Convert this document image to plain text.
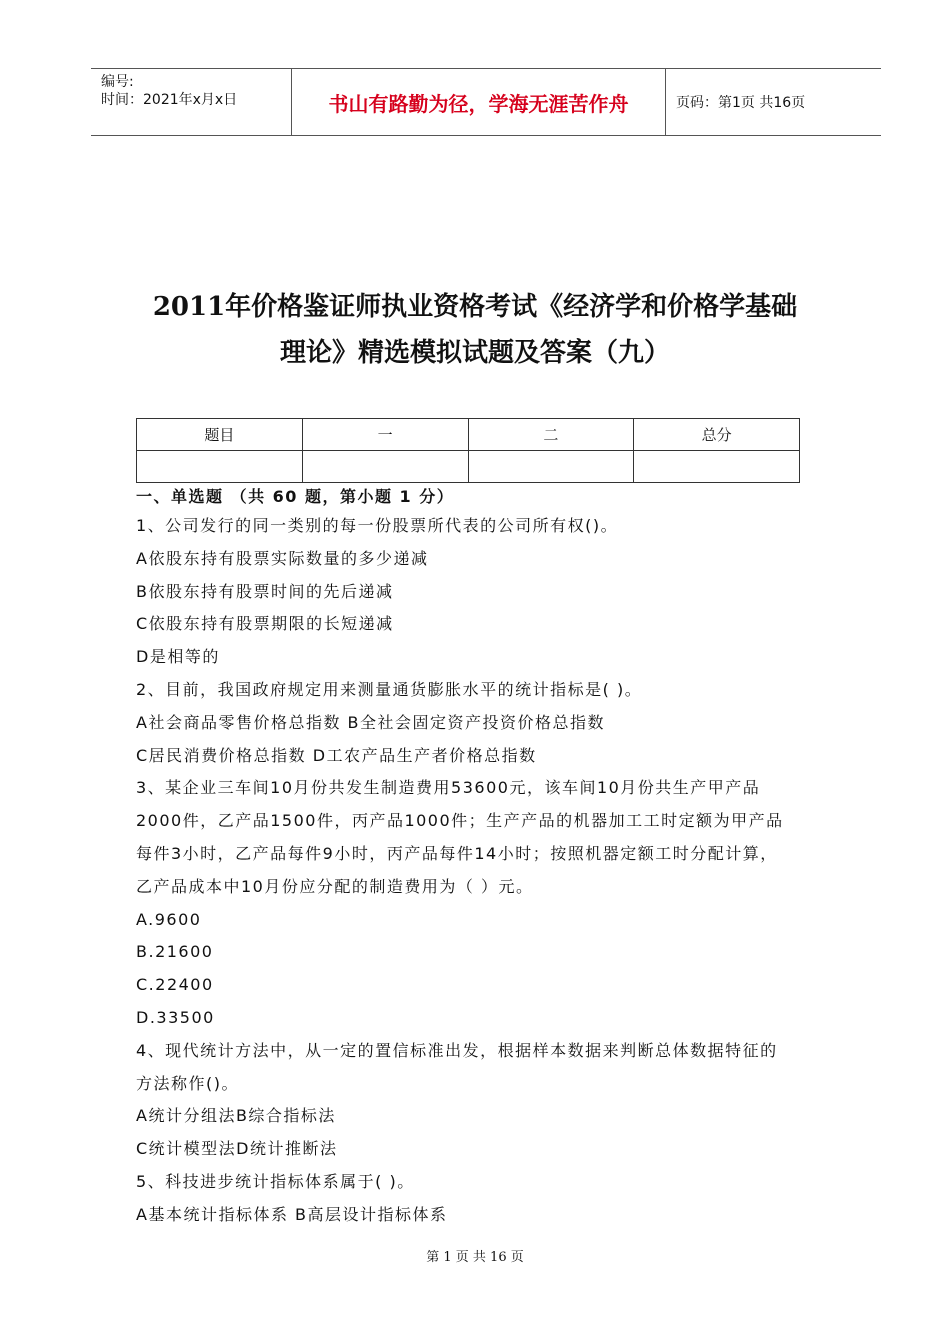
编号:
时间：2021年x月x日	书山有路勤为径，学海无涯苦作舟	页码：第1页 共16页
2011年价格鉴证师执业资格考试《经济学和价格学基础
理论》精选模拟试题及答案（九）
题目	一	二	总分

一、单选题 （共 60 题，第小题 1 分）
1、公司发行的同一类别的每一份股票所代表的公司所有权()。
A依股东持有股票实际数量的多少递减
B依股东持有股票时间的先后递减
C依股东持有股票期限的长短递减
D是相等的
2、目前，我国政府规定用来测量通货膨胀水平的统计指标是( )。
A社会商品零售价格总指数 B全社会固定资产投资价格总指数
C居民消费价格总指数 D工农产品生产者价格总指数
3、某企业三车间10月份共发生制造费用53600元，该车间10月份共生产甲产品
2000件，乙产品1500件，丙产品1000件；生产产品的机器加工工时定额为甲产品
每件3小时，乙产品每件9小时，丙产品每件14小时；按照机器定额工时分配计算，
乙产品成本中10月份应分配的制造费用为（ ）元。
A.9600
B.21600
C.22400
D.33500
4、现代统计方法中，从一定的置信标准出发，根据样本数据来判断总体数据特征的
方法称作()。
A统计分组法B综合指标法
C统计模型法D统计推断法
5、科技进步统计指标体系属于( )。
A基本统计指标体系 B高层设计指标体系
第 1 页 共 16 页
